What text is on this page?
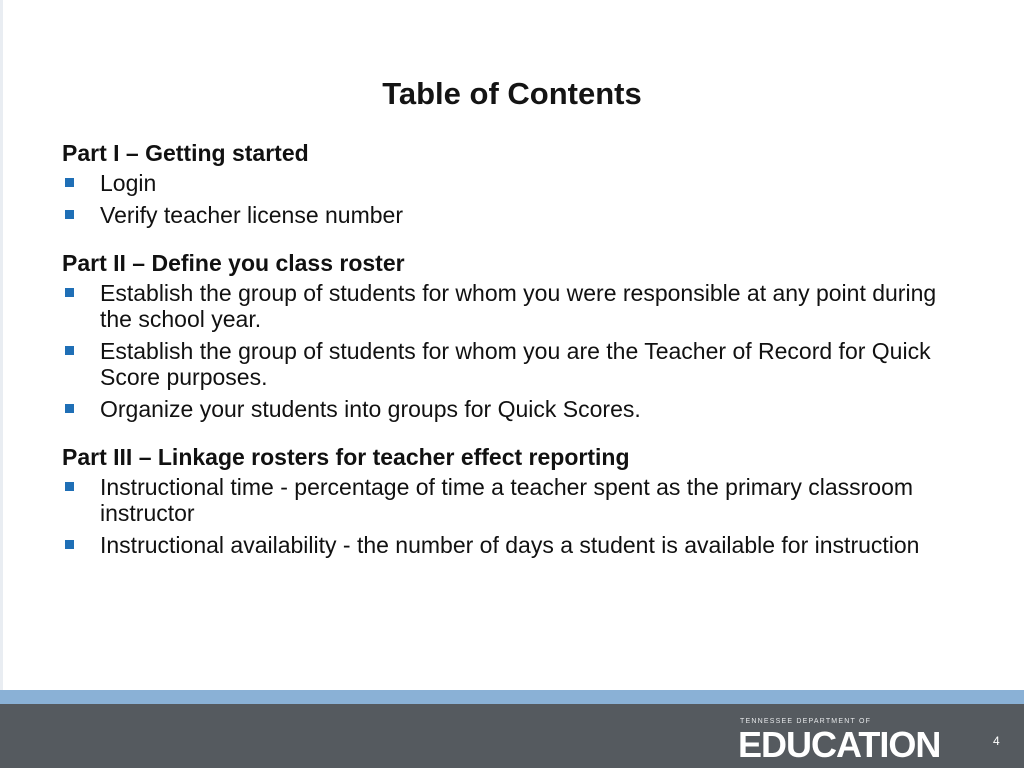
Table of Contents
Part I – Getting started
Login
Verify teacher license number
Part II – Define you class roster
Establish the group of students for whom you were responsible at any point during the school year.
Establish the group of students for whom you are the Teacher of Record for Quick Score purposes.
Organize your students into groups for Quick Scores.
Part III – Linkage rosters for teacher effect reporting
Instructional time - percentage of time a teacher spent as the primary classroom instructor
Instructional availability - the number of days a student is available for instruction
TENNESSEE DEPARTMENT OF
EDUCATION	4
